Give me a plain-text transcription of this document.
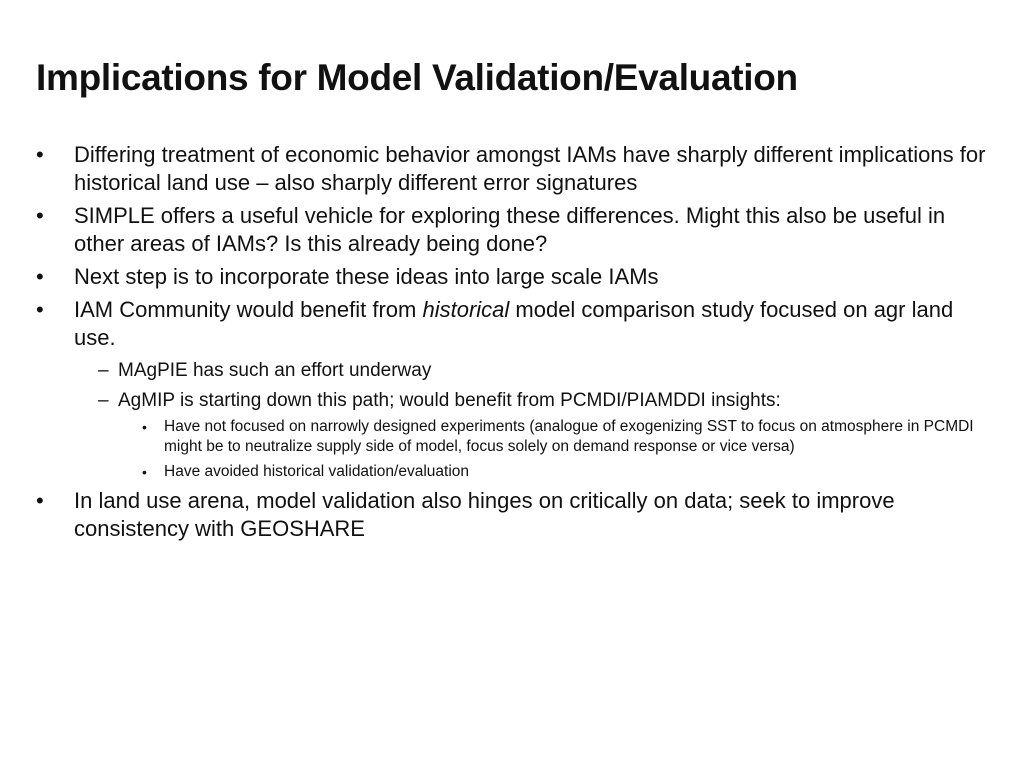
Implications for Model Validation/Evaluation
•	Differing treatment of economic behavior amongst IAMs have sharply different implications for historical land use – also sharply different error signatures
•	SIMPLE offers a useful vehicle for exploring these differences. Might this also be useful in other areas of IAMs? Is this already being done?
•	Next step is to incorporate these ideas into large scale IAMs
•	IAM Community would benefit from historical model comparison study focused on agr land use.
– MAgPIE has such an effort underway
– AgMIP is starting down this path; would benefit from PCMDI/PIAMDDI insights:
• Have not focused on narrowly designed experiments (analogue of exogenizing SST to focus on atmosphere in PCMDI might be to neutralize supply side of model, focus solely on demand response or vice versa)
• Have avoided historical validation/evaluation
•	In land use arena, model validation also hinges on critically on data; seek to improve consistency with GEOSHARE
